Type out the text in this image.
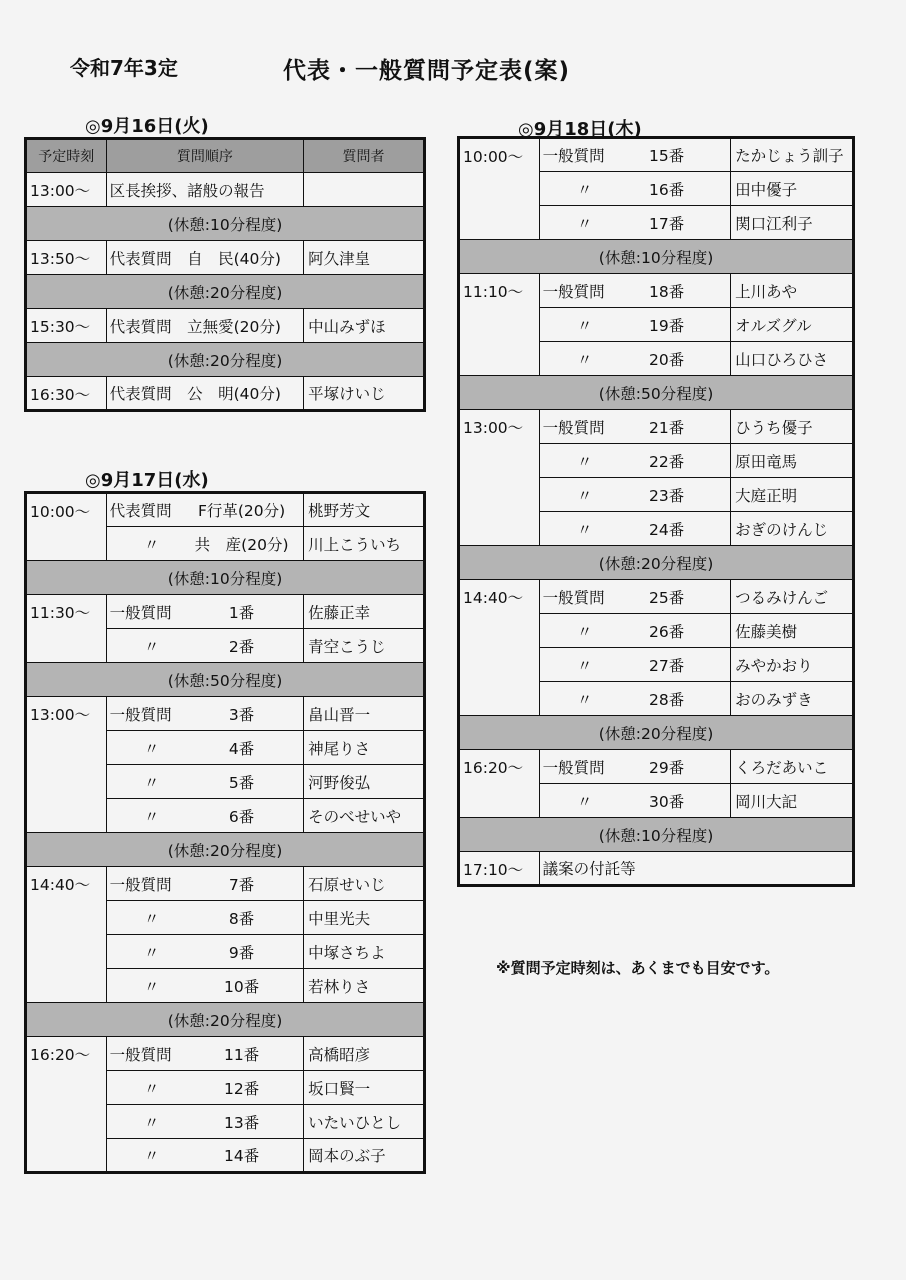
令和7年3定	代表・一般質問予定表(案)
◎9月16日(火)
予定時刻	質問順序	質問者
13:00〜	区長挨拶、諸般の報告	
(休憩:10分程度)		
13:50〜	代表質問　自　民(40分)	阿久津皇
(休憩:20分程度)		
15:30〜	代表質問　立無愛(20分)	中山みずほ
(休憩:20分程度)		
16:30〜	代表質問　公　明(40分)	平塚けいじ
◎9月17日(水)
10:00〜	代表質問 F行革(20分)	桃野芳文
	〃 共　産(20分)	川上こういち
(休憩:10分程度)		
11:30〜	一般質問 1番	佐藤正幸
	〃 2番	青空こうじ
(休憩:50分程度)		
13:00〜	一般質問 3番	畠山晋一
	〃 4番	神尾りさ
	〃 5番	河野俊弘
	〃 6番	そのべせいや
(休憩:20分程度)		
14:40〜	一般質問 7番	石原せいじ
	〃 8番	中里光夫
	〃 9番	中塚さちよ
	〃 10番	若林りさ
(休憩:20分程度)		
16:20〜	一般質問 11番	高橋昭彦
	〃 12番	坂口賢一
	〃 13番	いたいひとし
	〃 14番	岡本のぶ子
◎9月18日(木)
10:00〜	一般質問 15番	たかじょう訓子
	〃 16番	田中優子
	〃 17番	関口江利子
(休憩:10分程度)		
11:10〜	一般質問 18番	上川あや
	〃 19番	オルズグル
	〃 20番	山口ひろひさ
(休憩:50分程度)		
13:00〜	一般質問 21番	ひうち優子
	〃 22番	原田竜馬
	〃 23番	大庭正明
	〃 24番	おぎのけんじ
(休憩:20分程度)		
14:40〜	一般質問 25番	つるみけんご
	〃 26番	佐藤美樹
	〃 27番	みやかおり
	〃 28番	おのみずき
(休憩:20分程度)		
16:20〜	一般質問 29番	くろだあいこ
	〃 30番	岡川大記
(休憩:10分程度)		
17:10〜	議案の付託等	
※質問予定時刻は、あくまでも目安です。
